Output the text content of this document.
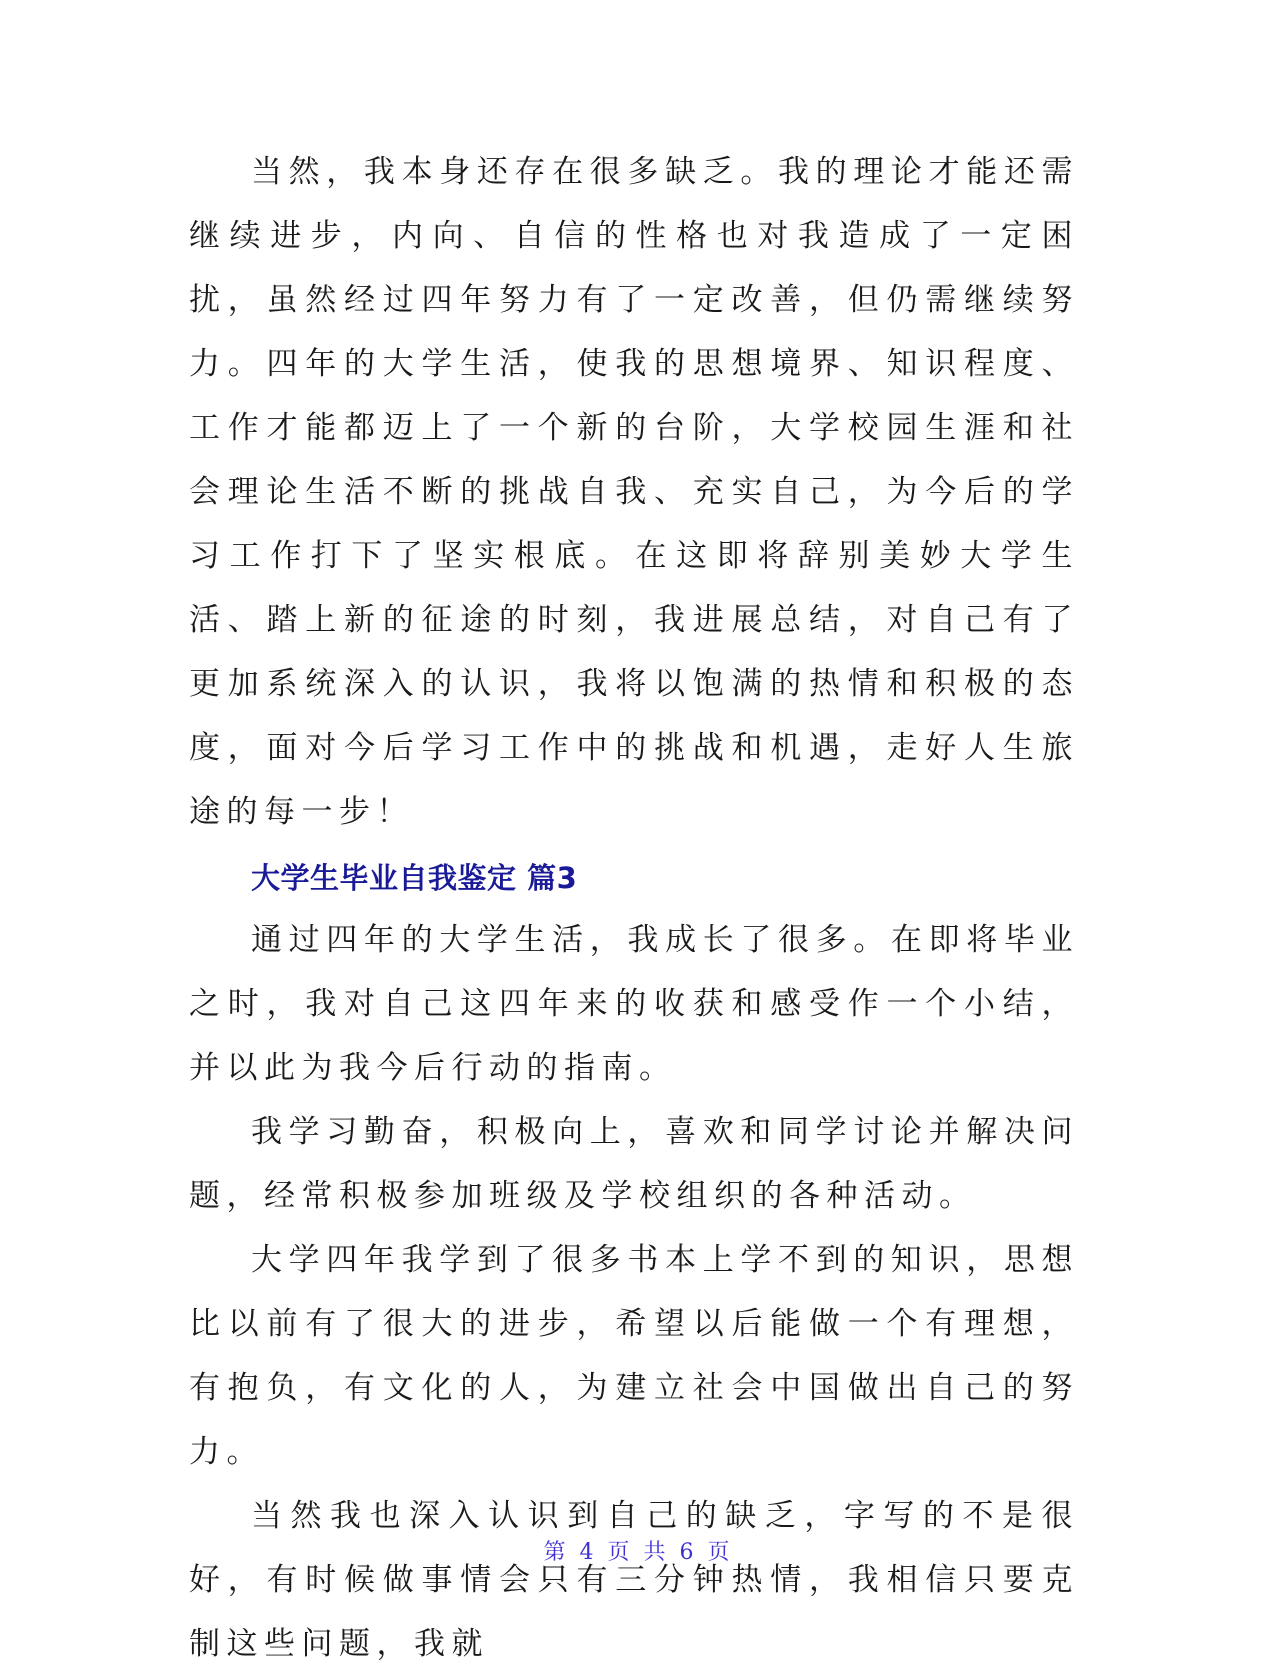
当然，我本身还存在很多缺乏。我的理论才能还需继续进步，内向、自信的性格也对我造成了一定困扰，虽然经过四年努力有了一定改善，但仍需继续努力。四年的大学生活，使我的思想境界、知识程度、工作才能都迈上了一个新的台阶，大学校园生涯和社会理论生活不断的挑战自我、充实自己，为今后的学习工作打下了坚实根底。在这即将辞别美妙大学生活、踏上新的征途的时刻，我进展总结，对自己有了更加系统深入的认识，我将以饱满的热情和积极的态度，面对今后学习工作中的挑战和机遇，走好人生旅途的每一步！

大学生毕业自我鉴定 篇3

通过四年的大学生活，我成长了很多。在即将毕业之时，我对自己这四年来的收获和感受作一个小结，并以此为我今后行动的指南。

我学习勤奋，积极向上，喜欢和同学讨论并解决问题，经常积极参加班级及学校组织的各种活动。

大学四年我学到了很多书本上学不到的知识，思想比以前有了很大的进步，希望以后能做一个有理想，有抱负，有文化的人，为建立社会中国做出自己的努力。

当然我也深入认识到自己的缺乏，字写的不是很好，有时候做事情会只有三分钟热情，我相信只要克制这些问题，我就

第 4 页 共 6 页
